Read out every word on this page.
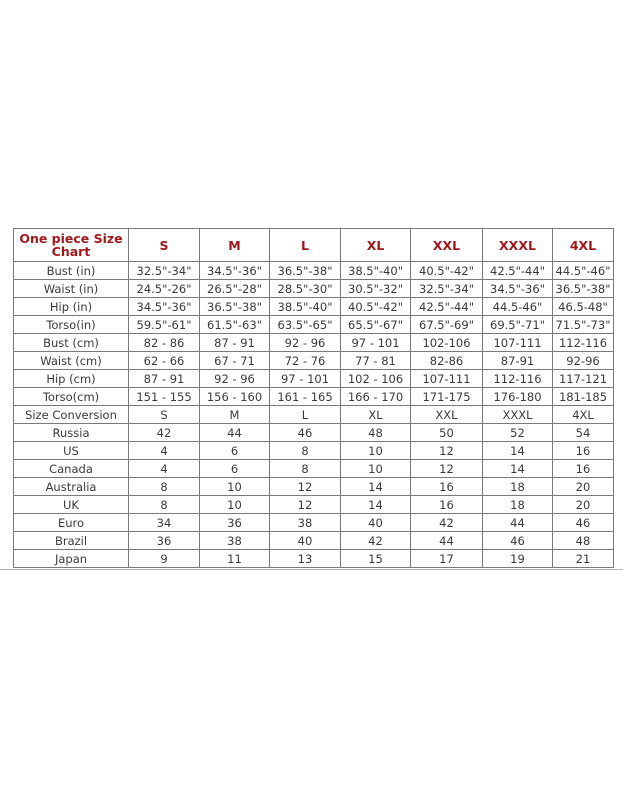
One piece Size Chart	S	M	L	XL	XXL	XXXL	4XL
Bust (in)	32.5"-34"	34.5"-36"	36.5"-38"	38.5"-40"	40.5"-42"	42.5"-44"	44.5"-46"
Waist (in)	24.5"-26"	26.5"-28"	28.5"-30"	30.5"-32"	32.5"-34"	34.5"-36"	36.5"-38"
Hip (in)	34.5"-36"	36.5"-38"	38.5"-40"	40.5"-42"	42.5"-44"	44.5-46"	46.5-48"
Torso(in)	59.5"-61"	61.5"-63"	63.5"-65"	65.5"-67"	67.5"-69"	69.5"-71"	71.5"-73"
Bust (cm)	82 - 86	87 - 91	92 - 96	97 - 101	102-106	107-111	112-116
Waist (cm)	62 - 66	67 - 71	72 - 76	77 - 81	82-86	87-91	92-96
Hip (cm)	87 - 91	92 - 96	97 - 101	102 - 106	107-111	112-116	117-121
Torso(cm)	151 - 155	156 - 160	161 - 165	166 - 170	171-175	176-180	181-185
Size Conversion	S	M	L	XL	XXL	XXXL	4XL
Russia	42	44	46	48	50	52	54
US	4	6	8	10	12	14	16
Canada	4	6	8	10	12	14	16
Australia	8	10	12	14	16	18	20
UK	8	10	12	14	16	18	20
Euro	34	36	38	40	42	44	46
Brazil	36	38	40	42	44	46	48
Japan	9	11	13	15	17	19	21
